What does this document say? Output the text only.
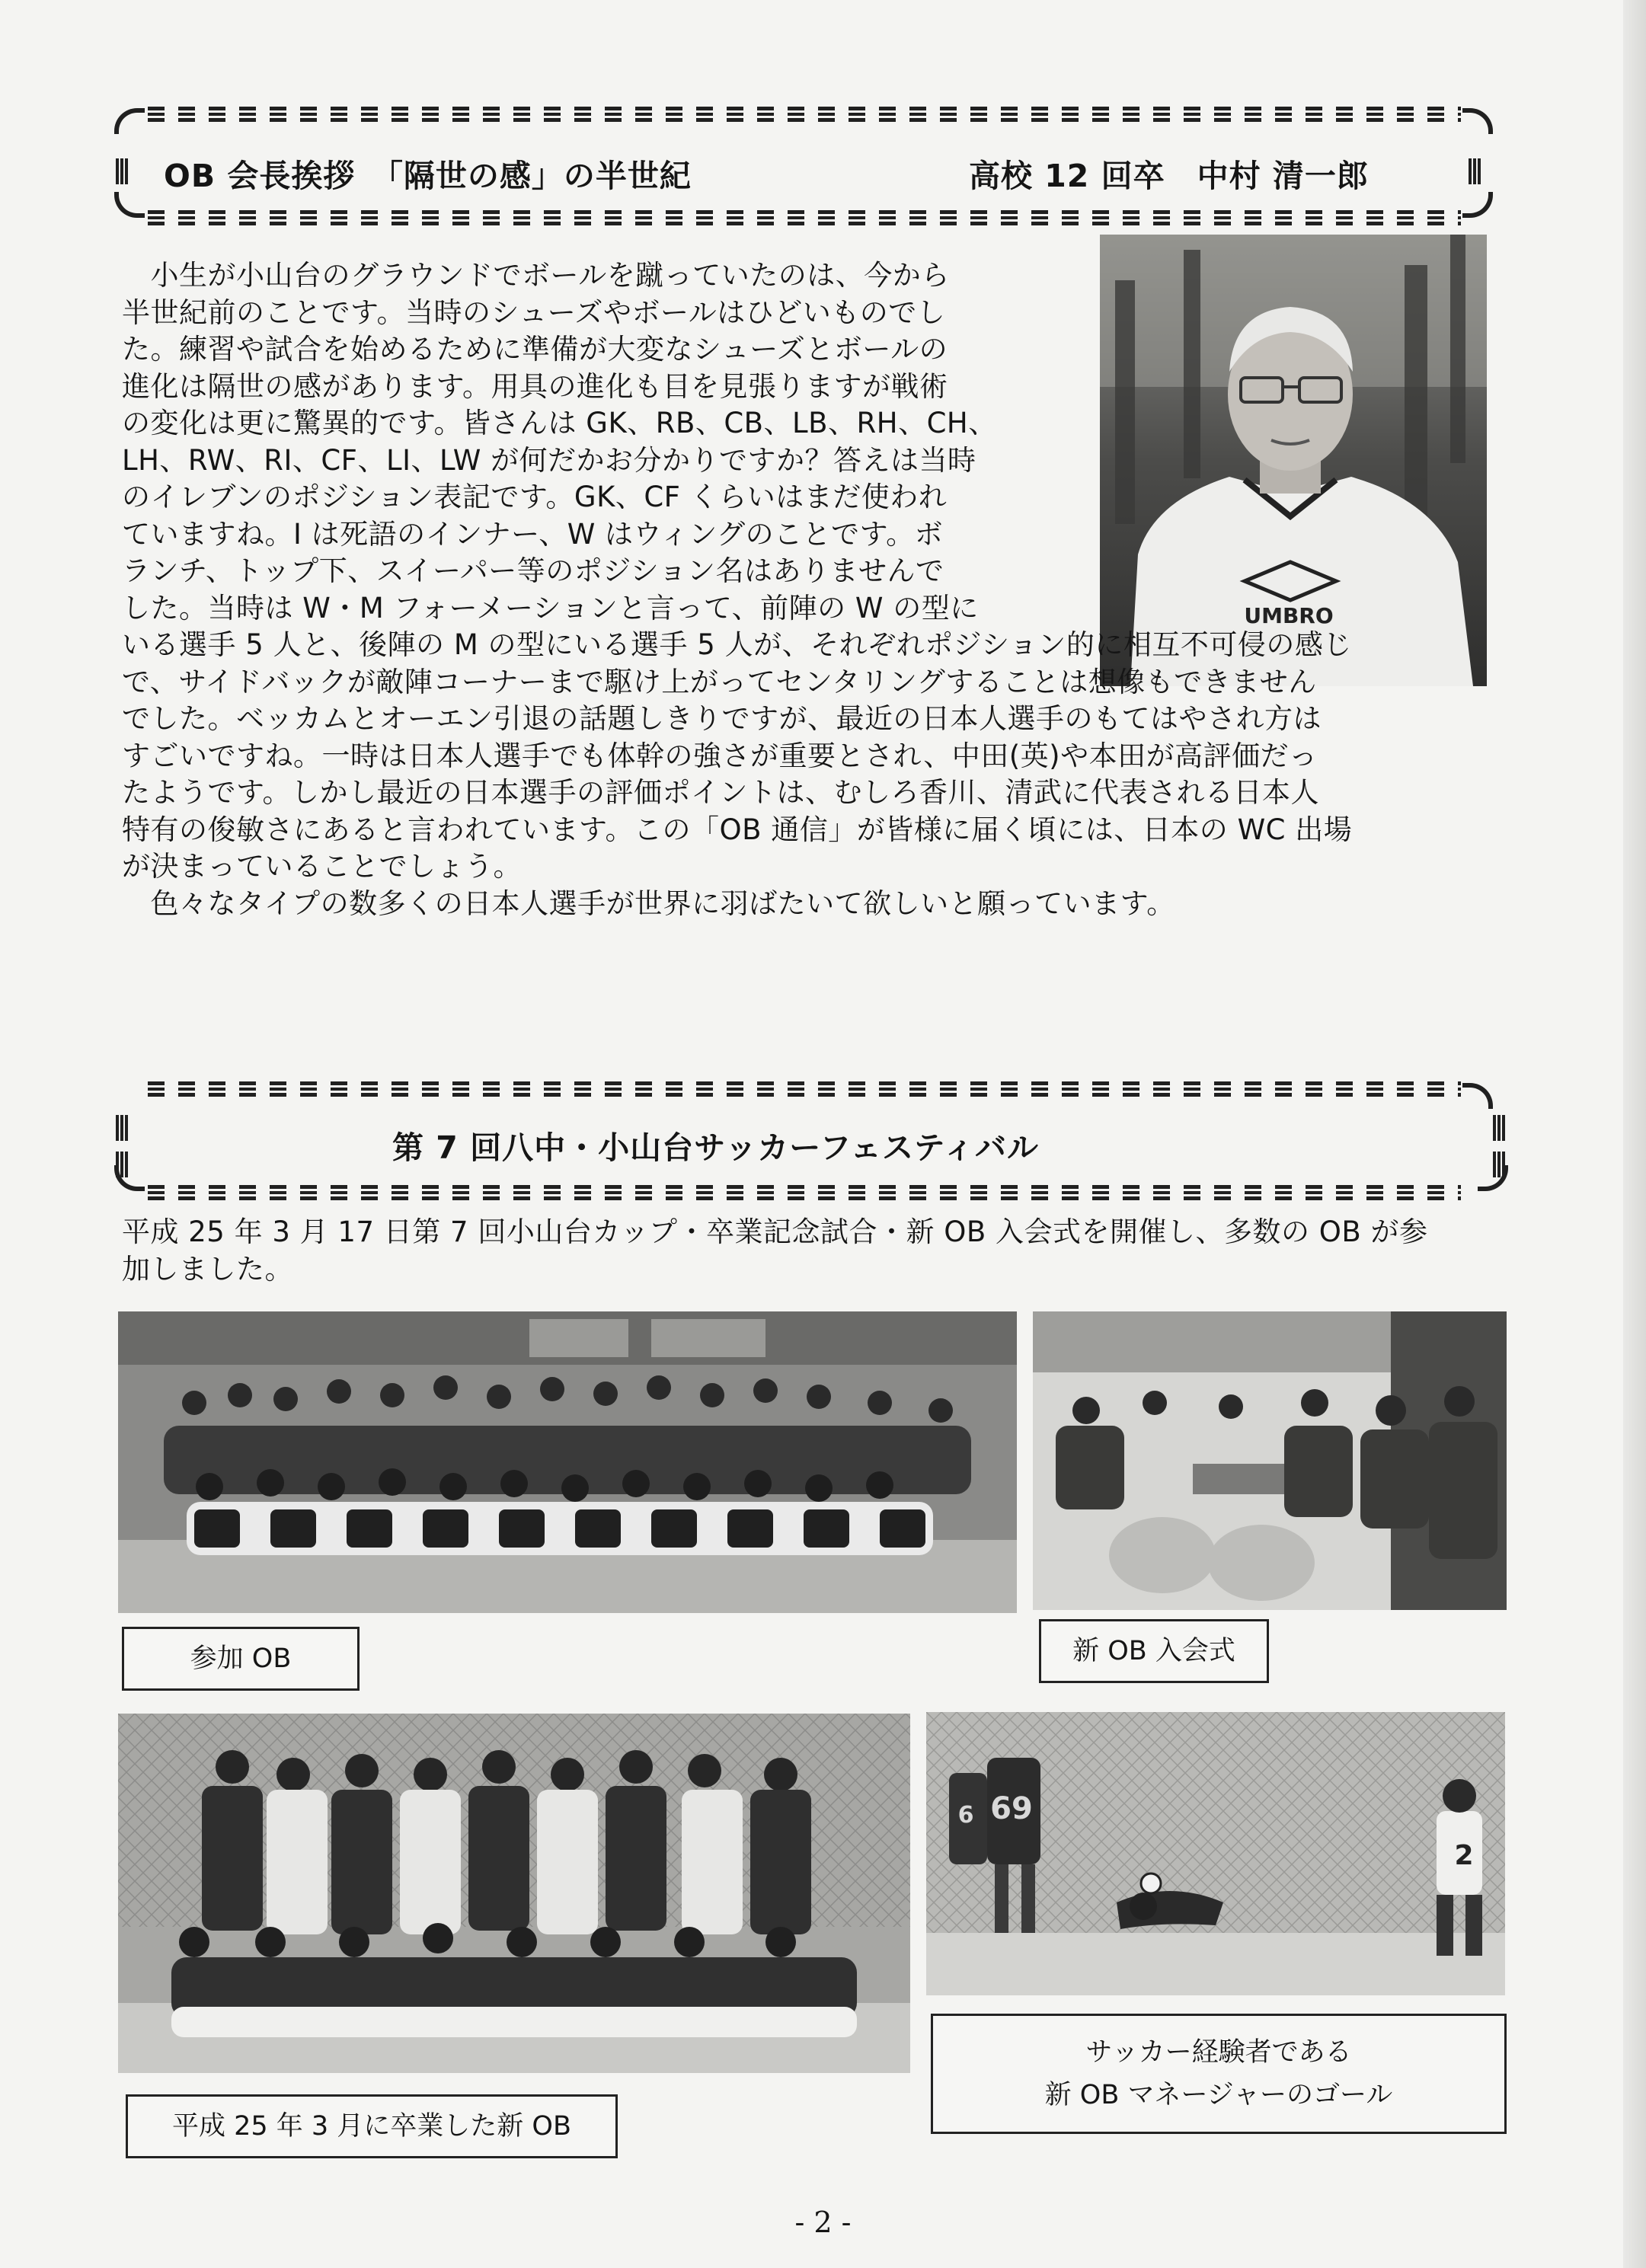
OB 会長挨拶　「隔世の感」の半世紀	高校 12 回卒　中村 清一郎
UMBRO
　小生が小山台のグラウンドでボールを蹴っていたのは、今から
半世紀前のことです。当時のシューズやボールはひどいものでし
た。練習や試合を始めるために準備が大変なシューズとボールの
進化は隔世の感があります。用具の進化も目を見張りますが戦術
の変化は更に驚異的です。皆さんは GK、RB、CB、LB、RH、CH、
LH、RW、RI、CF、LI、LW が何だかお分かりですか？答えは当時
のイレブンのポジション表記です。GK、CF くらいはまだ使われ
ていますね。I は死語のインナー、W はウィングのことです。ボ
ランチ、トップ下、スイーパー等のポジション名はありませんで
した。当時は W・M フォーメーションと言って、前陣の W の型に
いる選手 5 人と、後陣の M の型にいる選手 5 人が、それぞれポジション的に相互不可侵の感じ
で、サイドバックが敵陣コーナーまで駆け上がってセンタリングすることは想像もできません
でした。ベッカムとオーエン引退の話題しきりですが、最近の日本人選手のもてはやされ方は
すごいですね。一時は日本人選手でも体幹の強さが重要とされ、中田(英)や本田が高評価だっ
たようです。しかし最近の日本選手の評価ポイントは、むしろ香川、清武に代表される日本人
特有の俊敏さにあると言われています。この「OB 通信」が皆様に届く頃には、日本の WC 出場
が決まっていることでしょう。
　色々なタイプの数多くの日本人選手が世界に羽ばたいて欲しいと願っています。
第 7 回八中・小山台サッカーフェスティバル
平成 25 年 3 月 17 日第 7 回小山台カップ・卒業記念試合・新 OB 入会式を開催し、多数の OB が参
加しました。
参加 OB	新 OB 入会式
平成 25 年 3 月に卒業した新 OB
69
6
2
サッカー経験者である
新 OB マネージャーのゴール
- 2 -
